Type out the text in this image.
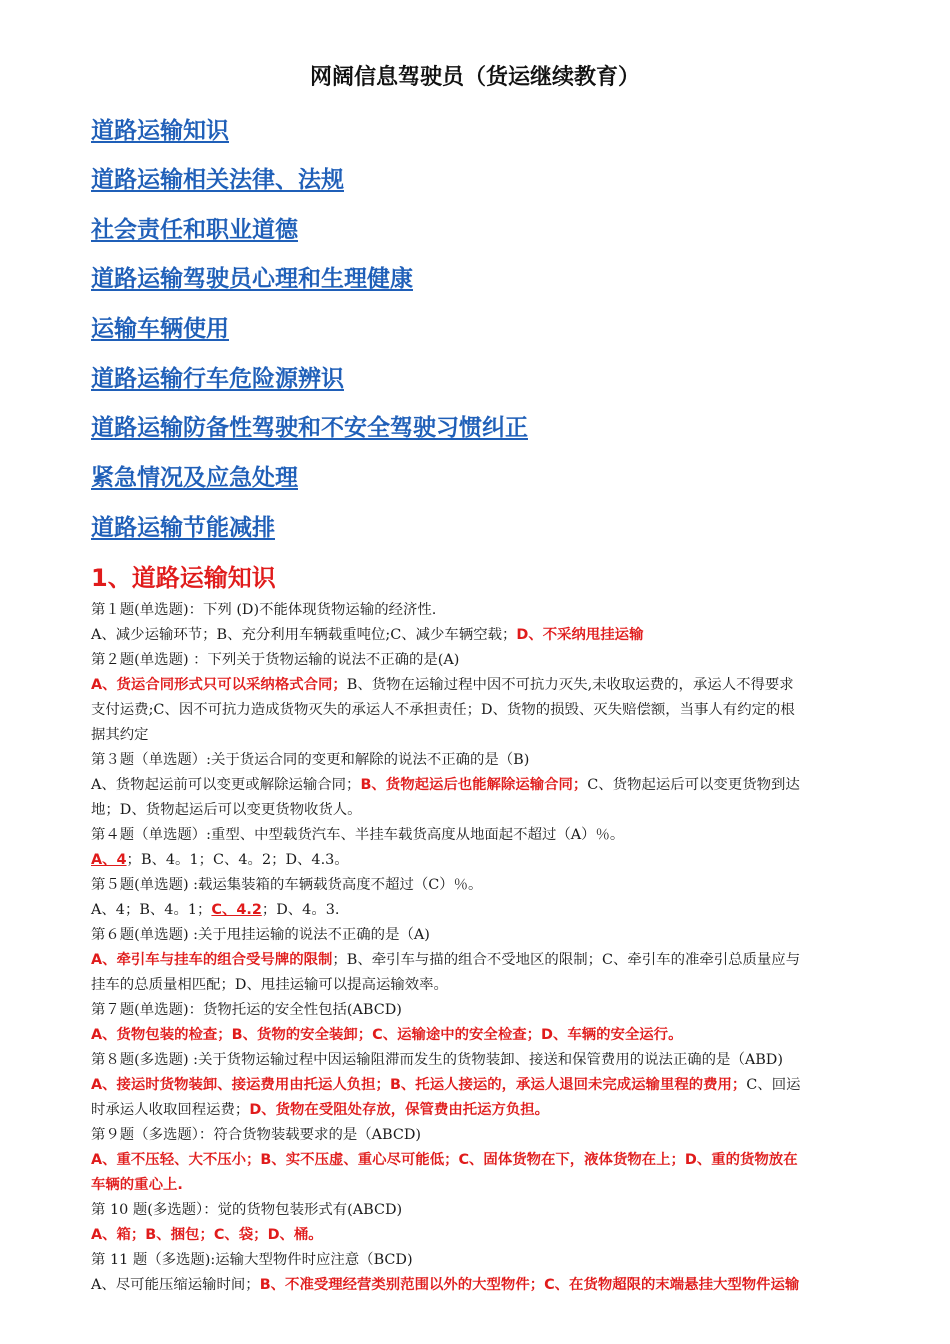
网阔信息驾驶员（货运继续教育）
道路运输知识
道路运输相关法律、法规
社会责任和职业道德
道路运输驾驶员心理和生理健康
运输车辆使用
道路运输行车危险源辨识
道路运输防备性驾驶和不安全驾驶习惯纠正
紧急情况及应急处理
道路运输节能减排
1、道路运输知识
第１题(单选题)：下列 (D)不能体现货物运输的经济性.
A、减少运输环节；B、充分利用车辆载重吨位;C、减少车辆空载；D、不采纳甩挂运输
第２题(单选题) ：下列关于货物运输的说法不正确的是(A)
A、货运合同形式只可以采纳格式合同；B、货物在运输过程中因不可抗力灭失,未收取运费的，承运人不得要求
支付运费;C、因不可抗力造成货物灭失的承运人不承担责任；D、货物的损毁、灭失赔偿额，当事人有约定的根
据其约定
第３题（单选题）:关于货运合同的变更和解除的说法不正确的是（B)
A、货物起运前可以变更或解除运输合同；B、货物起运后也能解除运输合同；C、货物起运后可以变更货物到达
地；D、货物起运后可以变更货物收货人。
第４题（单选题）:重型、中型载货汽车、半挂车载货高度从地面起不超过（A）％。
A、4；B、4。1；C、4。2；D、4.3。
第５题(单选题) :载运集装箱的车辆载货高度不超过（C）％。
A、4；B、4。1；C、4.2；D、4。3.
第６题(单选题) :关于甩挂运输的说法不正确的是（A)
A、牵引车与挂车的组合受号牌的限制；B、牵引车与描的组合不受地区的限制；C、牵引车的准牵引总质量应与
挂车的总质量相匹配；D、甩挂运输可以提高运输效率。
第７题(单选题)：货物托运的安全性包括(ABCD)
A、货物包装的检查；B、货物的安全装卸；C、运输途中的安全检查；D、车辆的安全运行。
第８题(多选题) :关于货物运输过程中因运输阻滞而发生的货物装卸、接送和保管费用的说法正确的是（ABD)
A、接运时货物装卸、接运费用由托运人负担；B、托运人接运的，承运人退回未完成运输里程的费用；C、回运
时承运人收取回程运费；D、货物在受阻处存放，保管费由托运方负担。
第９题（多选题）：符合货物装载要求的是（ABCD)
A、重不压轻、大不压小；B、实不压虚、重心尽可能低；C、固体货物在下，液体货物在上；D、重的货物放在
车辆的重心上.
第 10 题(多选题）：觉的货物包装形式有(ABCD)
A、箱；B、捆包；C、袋；D、桶。
第 11 题（多选题):运输大型物件时应注意（BCD)
A、尽可能压缩运输时间；B、不准受理经营类别范围以外的大型物件；C、在货物超限的末端悬挂大型物件运输
